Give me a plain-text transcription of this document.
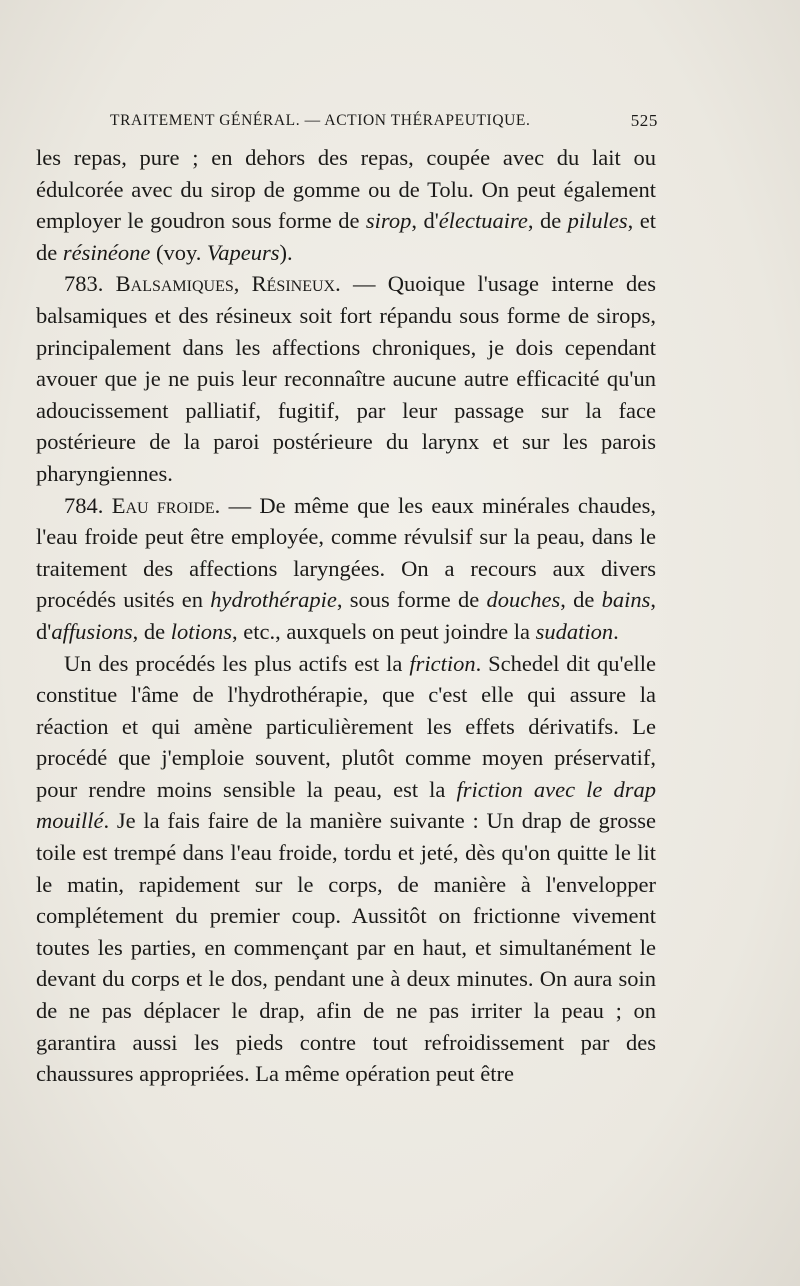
TRAITEMENT GÉNÉRAL. — ACTION THÉRAPEUTIQUE.	525

les repas, pure ; en dehors des repas, coupée avec du lait ou édulcorée avec du sirop de gomme ou de Tolu. On peut également employer le goudron sous forme de sirop, d'électuaire, de pilules, et de résinéone (voy. Vapeurs).

783. Balsamiques, Résineux. — Quoique l'usage interne des balsamiques et des résineux soit fort répandu sous forme de sirops, principalement dans les affections chroniques, je dois cependant avouer que je ne puis leur reconnaître aucune autre efficacité qu'un adoucissement palliatif, fugitif, par leur passage sur la face postérieure de la paroi postérieure du larynx et sur les parois pharyngiennes.

784. Eau froide. — De même que les eaux minérales chaudes, l'eau froide peut être employée, comme révulsif sur la peau, dans le traitement des affections laryngées. On a recours aux divers procédés usités en hydrothérapie, sous forme de douches, de bains, d'affusions, de lotions, etc., auxquels on peut joindre la sudation.

Un des procédés les plus actifs est la friction. Schedel dit qu'elle constitue l'âme de l'hydrothérapie, que c'est elle qui assure la réaction et qui amène particulièrement les effets dérivatifs. Le procédé que j'emploie souvent, plutôt comme moyen préservatif, pour rendre moins sensible la peau, est la friction avec le drap mouillé. Je la fais faire de la manière suivante : Un drap de grosse toile est trempé dans l'eau froide, tordu et jeté, dès qu'on quitte le lit le matin, rapidement sur le corps, de manière à l'envelopper complétement du premier coup. Aussitôt on frictionne vivement toutes les parties, en commençant par en haut, et simultanément le devant du corps et le dos, pendant une à deux minutes. On aura soin de ne pas déplacer le drap, afin de ne pas irriter la peau ; on garantira aussi les pieds contre tout refroidissement par des chaussures appropriées. La même opération peut être
